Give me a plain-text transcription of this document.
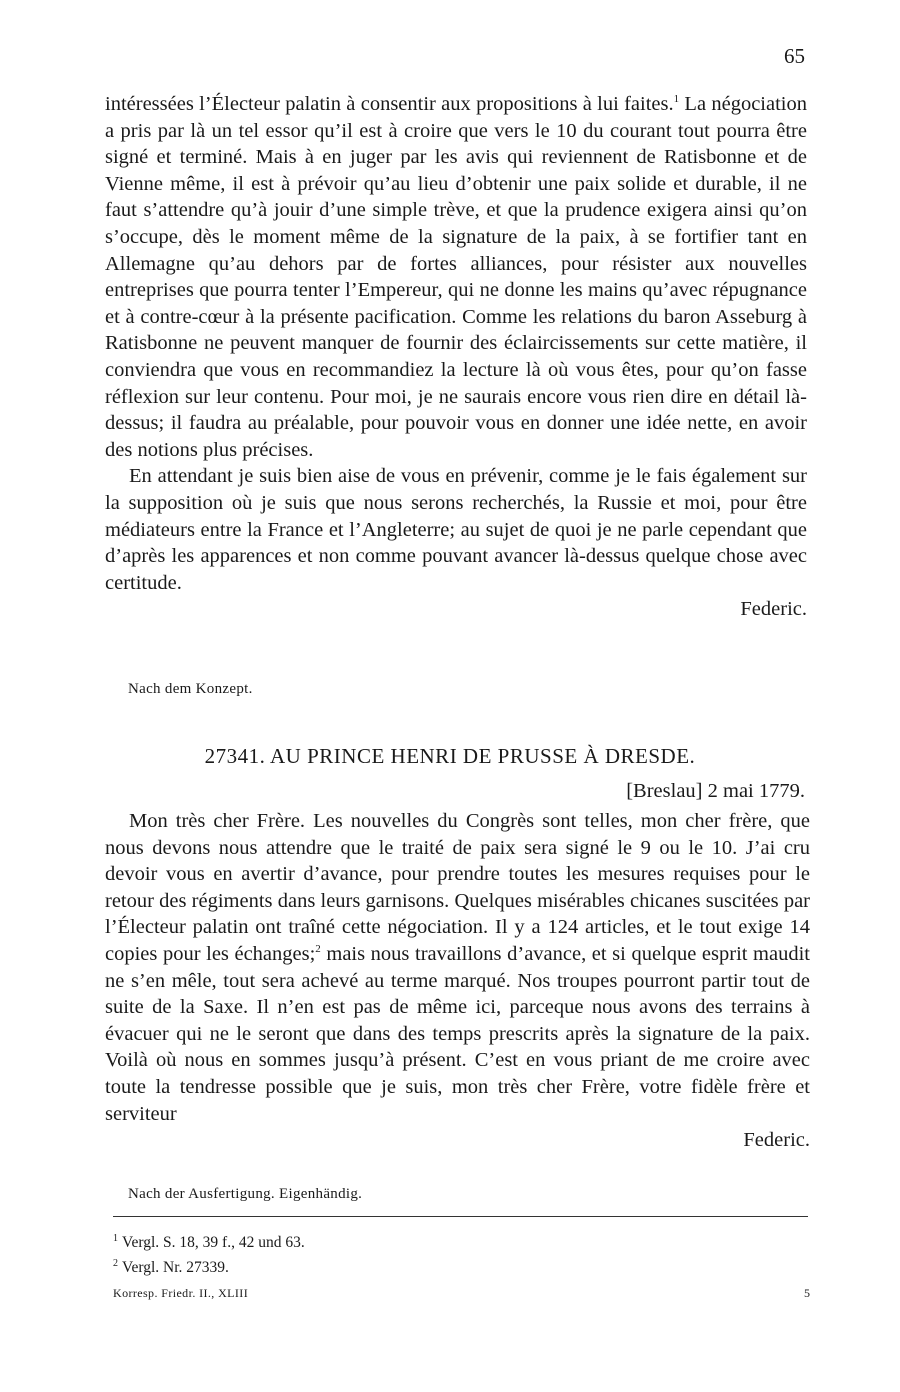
65

intéressées l’Électeur palatin à consentir aux propositions à lui faites.$^1$ La négociation a pris par là un tel essor qu’il est à croire que vers le 10 du courant tout pourra être signé et terminé. Mais à en juger par les avis qui reviennent de Ratisbonne et de Vienne même, il est à prévoir qu’au lieu d’obtenir une paix solide et durable, il ne faut s’attendre qu’à jouir d’une simple trève, et que la prudence exigera ainsi qu’on s’occupe, dès le moment même de la signature de la paix, à se fortifier tant en Allemagne qu’au dehors par de fortes alliances, pour résister aux nouvelles entreprises que pourra tenter l’Empereur, qui ne donne les mains qu’avec répugnance et à contre-cœur à la présente pacification. Comme les relations du baron Asseburg à Ratisbonne ne peuvent manquer de fournir des éclaircissements sur cette matière, il conviendra que vous en recommandiez la lecture là où vous êtes, pour qu’on fasse réflexion sur leur contenu. Pour moi, je ne saurais encore vous rien dire en détail là-dessus; il faudra au préalable, pour pouvoir vous en donner une idée nette, en avoir des notions plus précises.

En attendant je suis bien aise de vous en prévenir, comme je le fais également sur la supposition où je suis que nous serons recherchés, la Russie et moi, pour être médiateurs entre la France et l’Angleterre; au sujet de quoi je ne parle cependant que d’après les apparences et non comme pouvant avancer là-dessus quelque chose avec certitude.

Federic.

Nach dem Konzept.
27341. AU PRINCE HENRI DE PRUSSE À DRESDE.
[Breslau] 2 mai 1779.

Mon très cher Frère. Les nouvelles du Congrès sont telles, mon cher frère, que nous devons nous attendre que le traité de paix sera signé le 9 ou le 10. J’ai cru devoir vous en avertir d’avance, pour prendre toutes les mesures requises pour le retour des régiments dans leurs garnisons. Quelques misérables chicanes suscitées par l’Électeur palatin ont traîné cette négociation. Il y a 124 articles, et le tout exige 14 copies pour les échanges;$^2$ mais nous travaillons d’avance, et si quelque esprit maudit ne s’en mêle, tout sera achevé au terme marqué. Nos troupes pourront partir tout de suite de la Saxe. Il n’en est pas de même ici, parceque nous avons des terrains à évacuer qui ne le seront que dans des temps prescrits après la signature de la paix. Voilà où nous en sommes jusqu’à présent. C’est en vous priant de me croire avec toute la tendresse possible que je suis, mon très cher Frère, votre fidèle frère et serviteur

Federic.

Nach der Ausfertigung. Eigenhändig.
$^1$ Vergl. S. 18, 39 f., 42 und 63.
$^2$ Vergl. Nr. 27339.
Korresp. Friedr. II., XLIII	5
